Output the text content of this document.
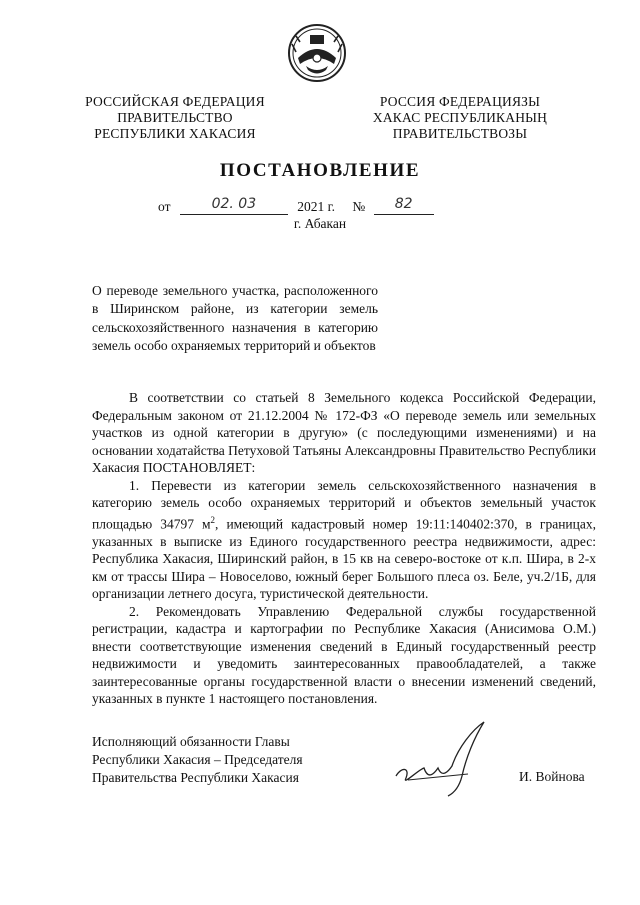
РОССИЙСКАЯ ФЕДЕРАЦИЯ
ПРАВИТЕЛЬСТВО
РЕСПУБЛИКИ ХАКАСИЯ
РОССИЯ ФЕДЕРАЦИЯЗЫ
ХАКАС РЕСПУБЛИКАНЫҢ
ПРАВИТЕЛЬСТВОЗЫ
ПОСТАНОВЛЕНИЕ
от	02. 03	2021 г. № 82
г. Абакан
О переводе земельного участка, расположенного в Ширинском районе, из категории земель сельскохозяйственного назначения в категорию земель особо охраняемых территорий и объектов

В соответствии со статьей 8 Земельного кодекса Российской Федерации, Федеральным законом от 21.12.2004 № 172-ФЗ «О переводе земель или земельных участков из одной категории в другую» (с последующими изменениями) и на основании ходатайства Петуховой Татьяны Александровны Правительство Республики Хакасия ПОСТАНОВЛЯЕТ:

1. Перевести из категории земель сельскохозяйственного назначения в категорию земель особо охраняемых территорий и объектов земельный участок площадью 34797 $м^2$, имеющий кадастровый номер 19:11:140402:370, в границах, указанных в выписке из Единого государственного реестра недвижимости, адрес: Республика Хакасия, Ширинский район, в 15 кв на северо-востоке от к.п. Шира, в 2-х км от трассы Шира – Новоселово, южный берег Большого плеса оз. Беле, уч.2/1Б, для организации летнего досуга, туристической деятельности.

2. Рекомендовать Управлению Федеральной службы государственной регистрации, кадастра и картографии по Республике Хакасия (Анисимова О.М.) внести соответствующие изменения сведений в Единый государственный реестр недвижимости и уведомить заинтересованных правообладателей, а также заинтересованные органы государственной власти о внесении изменений сведений, указанных в пункте 1 настоящего постановления.

Исполняющий обязанности Главы
Республики Хакасия – Председателя
Правительства Республики Хакасия	И. Войнова
